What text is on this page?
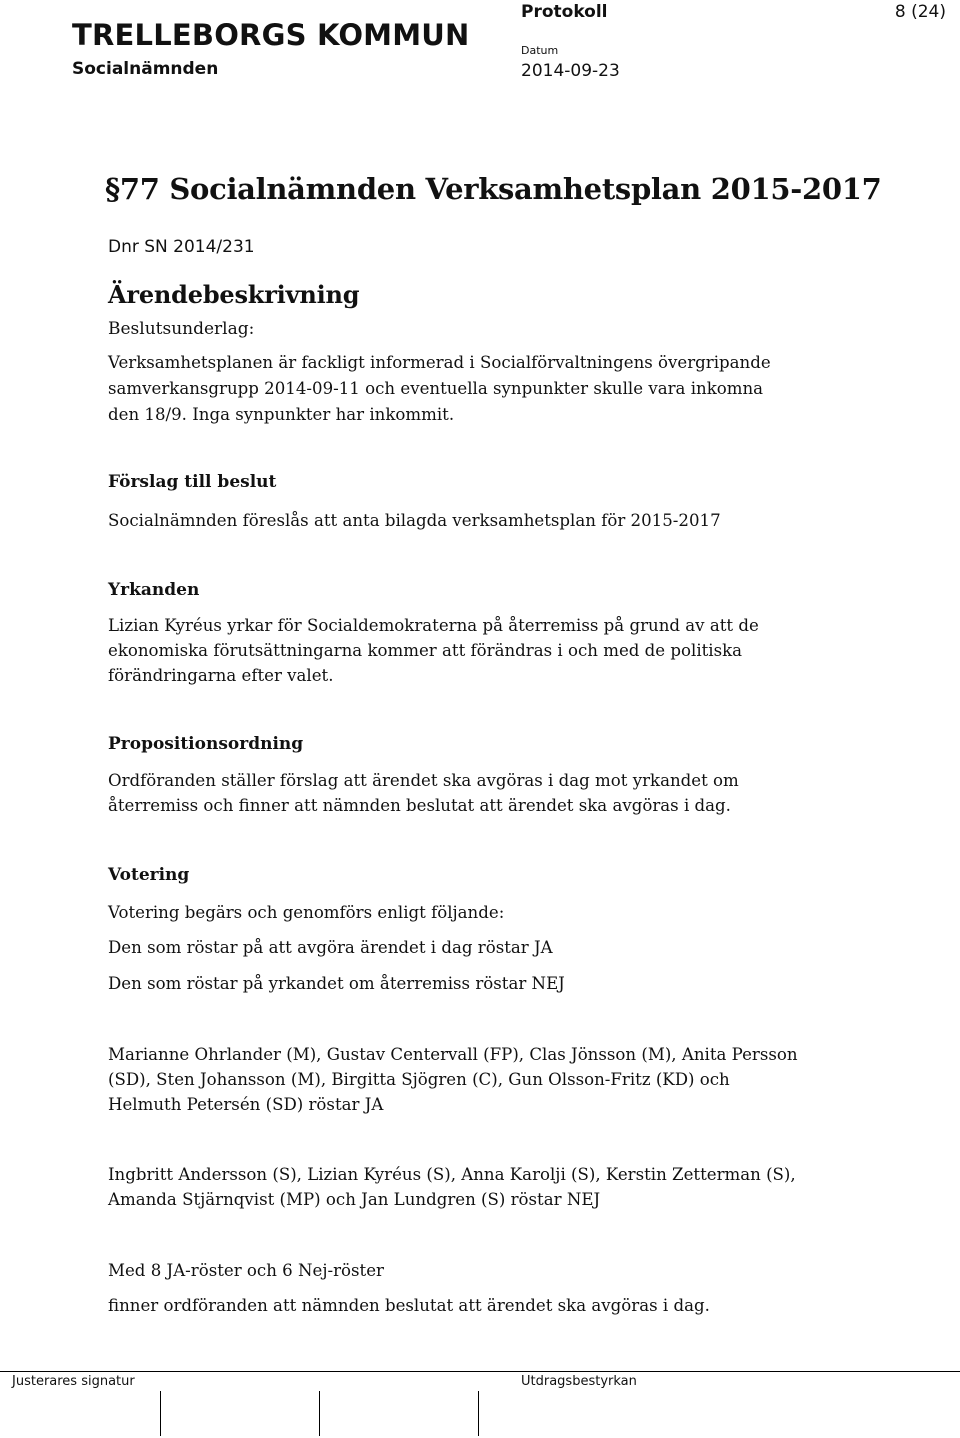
TRELLEBORGS KOMMUN
Socialnämnden
Protokoll	8 (24)
Datum
2014-09-23
§77 Socialnämnden Verksamhetsplan 2015-2017
Dnr SN 2014/231
Ärendebeskrivning
Beslutsunderlag:
Verksamhetsplanen är fackligt informerad i Socialförvaltningens övergripande
samverkansgrupp 2014-09-11 och eventuella synpunkter skulle vara inkomna
den 18/9. Inga synpunkter har inkommit.
Förslag till beslut
Socialnämnden föreslås att anta bilagda verksamhetsplan för 2015-2017
Yrkanden
Lizian Kyréus yrkar för Socialdemokraterna på återremiss på grund av att de
ekonomiska förutsättningarna kommer att förändras i och med de politiska
förändringarna efter valet.
Propositionsordning
Ordföranden ställer förslag att ärendet ska avgöras i dag mot yrkandet om
återremiss och finner att nämnden beslutat att ärendet ska avgöras i dag.
Votering
Votering begärs och genomförs enligt följande:
Den som röstar på att avgöra ärendet i dag röstar JA
Den som röstar på yrkandet om återremiss röstar NEJ
Marianne Ohrlander (M), Gustav Centervall (FP), Clas Jönsson (M), Anita Persson
(SD), Sten Johansson (M), Birgitta Sjögren (C), Gun Olsson-Fritz (KD) och
Helmuth Petersén (SD) röstar JA
Ingbritt Andersson (S), Lizian Kyréus (S), Anna Karolji (S), Kerstin Zetterman (S),
Amanda Stjärnqvist (MP) och Jan Lundgren (S) röstar NEJ
Med 8 JA-röster och 6 Nej-röster
finner ordföranden att nämnden beslutat att ärendet ska avgöras i dag.
Justerares signatur	Utdragsbestyrkan
